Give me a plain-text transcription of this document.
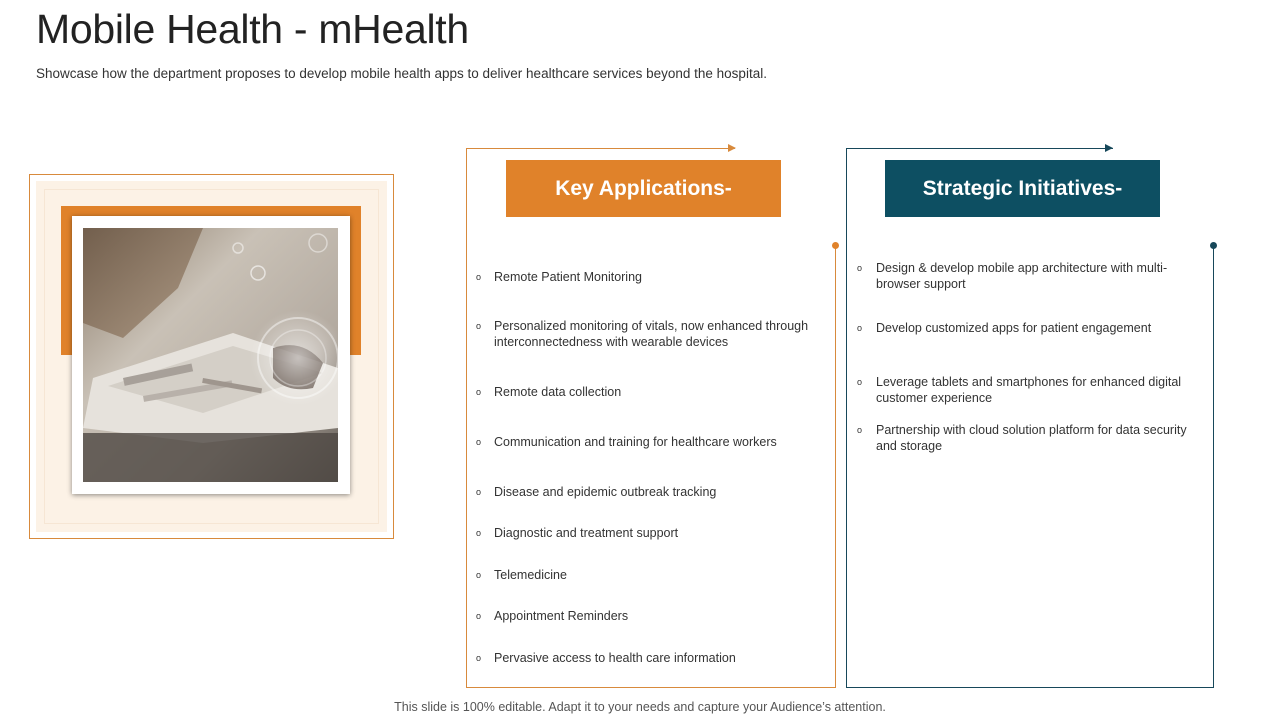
Mobile Health - mHealth
Showcase how the department proposes to develop mobile health apps to deliver healthcare services beyond the hospital.
Key Applications-
o Remote Patient Monitoring
o Personalized monitoring of vitals, now enhanced through interconnectedness with wearable devices
o Remote data collection
o Communication and training for healthcare workers
o Disease and epidemic outbreak tracking
o Diagnostic and treatment support
o Telemedicine
o Appointment Reminders
o Pervasive access to health care information
Strategic Initiatives-
o Design & develop mobile app architecture with multi-browser support
o Develop customized apps for patient engagement
o Leverage tablets and smartphones for enhanced digital customer experience
o Partnership with cloud solution platform for data security and storage
This slide is 100% editable. Adapt it to your needs and capture your Audience’s attention.
